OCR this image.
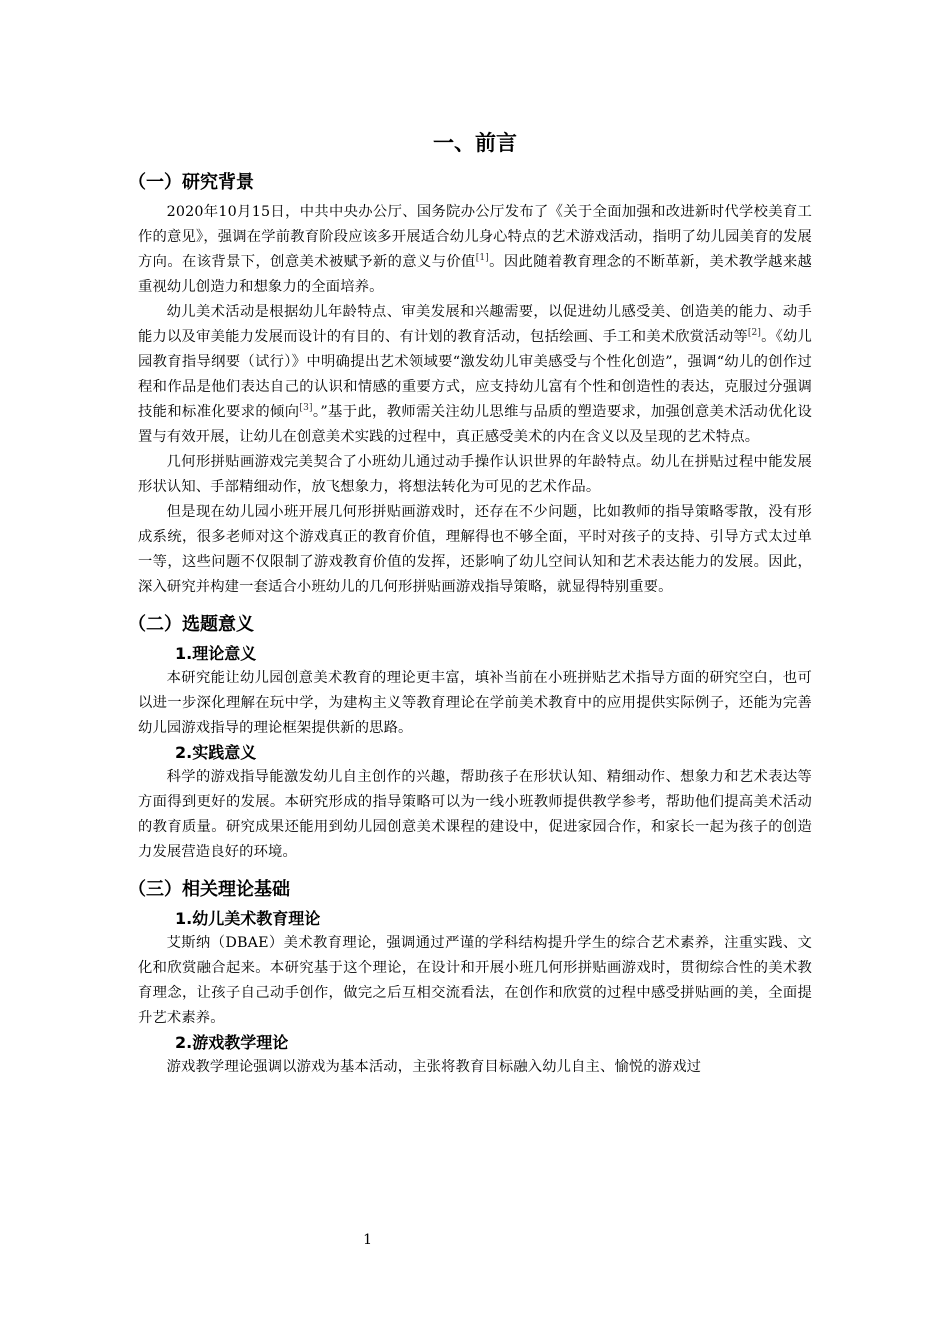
一、前言
（一）研究背景

2020年10月15日，中共中央办公厅、国务院办公厅发布了《关于全面加强和改进新时代学校美育工作的意见》，强调在学前教育阶段应该多开展适合幼儿身心特点的艺术游戏活动，指明了幼儿园美育的发展方向。在该背景下，创意美术被赋予新的意义与价值[1]。因此随着教育理念的不断革新，美术教学越来越重视幼儿创造力和想象力的全面培养。

幼儿美术活动是根据幼儿年龄特点、审美发展和兴趣需要，以促进幼儿感受美、创造美的能力、动手能力以及审美能力发展而设计的有目的、有计划的教育活动，包括绘画、手工和美术欣赏活动等[2]。《幼儿园教育指导纲要（试行）》中明确提出艺术领域要“激发幼儿审美感受与个性化创造”，强调“幼儿的创作过程和作品是他们表达自己的认识和情感的重要方式，应支持幼儿富有个性和创造性的表达，克服过分强调技能和标准化要求的倾向[3]。”基于此，教师需关注幼儿思维与品质的塑造要求，加强创意美术活动优化设置与有效开展，让幼儿在创意美术实践的过程中，真正感受美术的内在含义以及呈现的艺术特点。

几何形拼贴画游戏完美契合了小班幼儿通过动手操作认识世界的年龄特点。幼儿在拼贴过程中能发展形状认知、手部精细动作，放飞想象力，将想法转化为可见的艺术作品。

但是现在幼儿园小班开展几何形拼贴画游戏时，还存在不少问题，比如教师的指导策略零散，没有形成系统，很多老师对这个游戏真正的教育价值，理解得也不够全面，平时对孩子的支持、引导方式太过单一等，这些问题不仅限制了游戏教育价值的发挥，还影响了幼儿空间认知和艺术表达能力的发展。因此，深入研究并构建一套适合小班幼儿的几何形拼贴画游戏指导策略，就显得特别重要。

（二）选题意义
1.理论意义

本研究能让幼儿园创意美术教育的理论更丰富，填补当前在小班拼贴艺术指导方面的研究空白，也可以进一步深化理解在玩中学，为建构主义等教育理论在学前美术教育中的应用提供实际例子，还能为完善幼儿园游戏指导的理论框架提供新的思路。

2.实践意义

科学的游戏指导能激发幼儿自主创作的兴趣，帮助孩子在形状认知、精细动作、想象力和艺术表达等方面得到更好的发展。本研究形成的指导策略可以为一线小班教师提供教学参考，帮助他们提高美术活动的教育质量。研究成果还能用到幼儿园创意美术课程的建设中，促进家园合作，和家长一起为孩子的创造力发展营造良好的环境。

（三）相关理论基础
1.幼儿美术教育理论

艾斯纳（DBAE）美术教育理论，强调通过严谨的学科结构提升学生的综合艺术素养，注重实践、文化和欣赏融合起来。本研究基于这个理论，在设计和开展小班几何形拼贴画游戏时，贯彻综合性的美术教育理念，让孩子自己动手创作，做完之后互相交流看法，在创作和欣赏的过程中感受拼贴画的美，全面提升艺术素养。

2.游戏教学理论

游戏教学理论强调以游戏为基本活动，主张将教育目标融入幼儿自主、愉悦的游戏过

1
